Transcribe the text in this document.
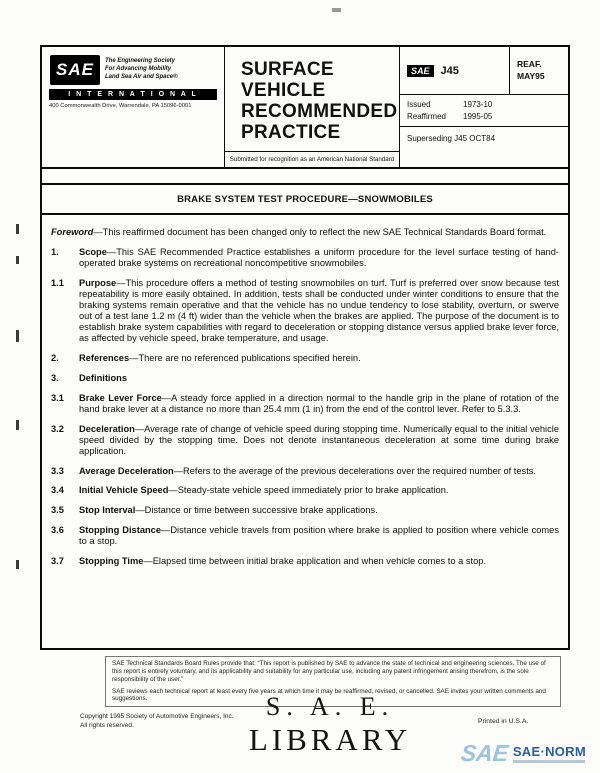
SAE	The Engineering Society
For Advancing Mobility
Land Sea Air and Space®
I N T E R N A T I O N A L
400 Commonwealth Drive, Warrendale, PA 15096-0001
SURFACE
VEHICLE
RECOMMENDED
PRACTICE
Submitted for recognition as an American National Standard
SAE	J45
REAF.
MAY95
Issued	1973-10
Reaffirmed	1995-05
Superseding J45 OCT84
BRAKE SYSTEM TEST PROCEDURE—SNOWMOBILES

Foreword—This reaffirmed document has been changed only to reflect the new SAE Technical Standards Board format.

1.	Scope—This SAE Recommended Practice establishes a uniform procedure for the level surface testing of hand-operated brake systems on recreational noncompetitive snowmobiles.

1.1	Purpose—This procedure offers a method of testing snowmobiles on turf. Turf is preferred over snow because test repeatability is more easily obtained. In addition, tests shall be conducted under winter conditions to ensure that the braking systems remain operative and that the vehicle has no undue tendency to lose stability, overturn, or swerve out of a test lane 1.2 m (4 ft) wider than the vehicle when the brakes are applied. The purpose of the document is to establish brake system capabilities with regard to deceleration or stopping distance versus applied brake lever force, as affected by vehicle speed, brake temperature, and usage.

2.	References—There are no referenced publications specified herein.

3.	Definitions

3.1	Brake Lever Force—A steady force applied in a direction normal to the handle grip in the plane of rotation of the hand brake lever at a distance no more than 25.4 mm (1 in) from the end of the control lever. Refer to 5.3.3.

3.2	Deceleration—Average rate of change of vehicle speed during stopping time. Numerically equal to the initial vehicle speed divided by the stopping time. Does not denote instantaneous deceleration at some time during brake application.

3.3	Average Deceleration—Refers to the average of the previous decelerations over the required number of tests.

3.4	Initial Vehicle Speed—Steady-state vehicle speed immediately prior to brake application.

3.5	Stop Interval—Distance or time between successive brake applications.

3.6	Stopping Distance—Distance vehicle travels from position where brake is applied to position where vehicle comes to a stop.

3.7	Stopping Time—Elapsed time between initial brake application and when vehicle comes to a stop.

SAE Technical Standards Board Rules provide that: “This report is published by SAE to advance the state of technical and engineering sciences. The use of this report is entirely voluntary, and its applicability and suitability for any particular use, including any patent infringement arising therefrom, is the sole responsibility of the user.”

SAE reviews each technical report at least every five years at which time it may be reaffirmed, revised, or cancelled. SAE invites your written comments and suggestions.

Copyright 1995 Society of Automotive Engineers, Inc.
All rights reserved.
Printed in U.S.A.
S. A. E.
LIBRARY	SAE SAE·NORM
